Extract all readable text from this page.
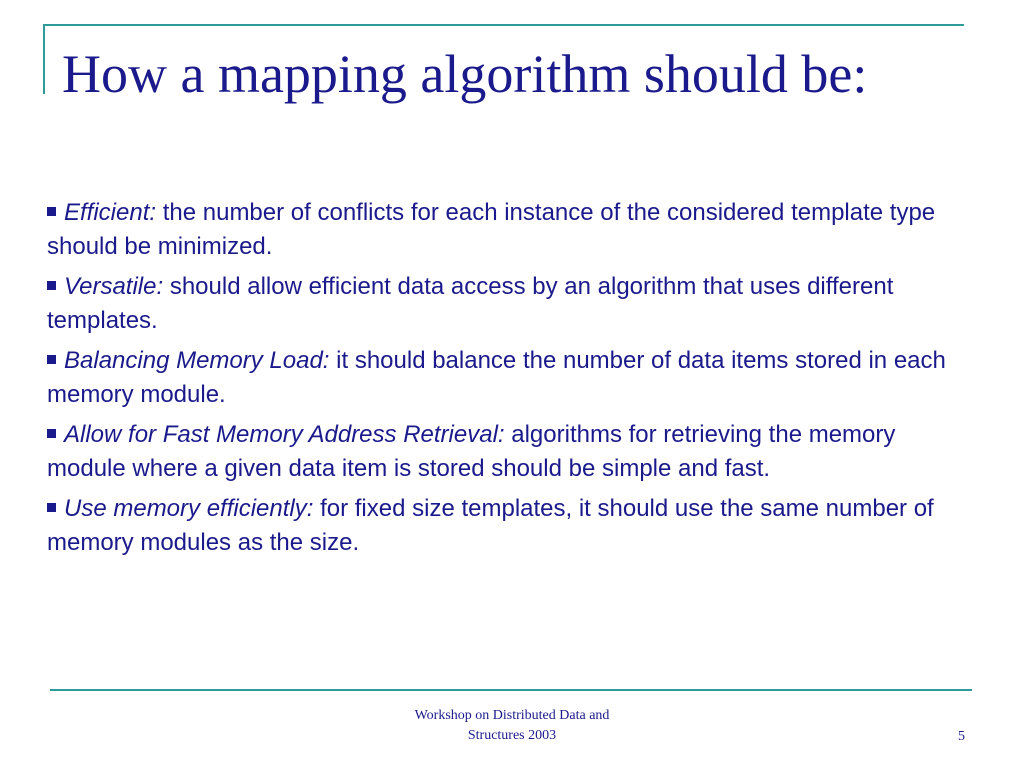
How a mapping algorithm should be:
Efficient: the number of conflicts for each instance of the considered template type should be minimized.
Versatile: should allow efficient data access by an algorithm that uses different templates.
Balancing Memory Load: it should balance the number of data items stored in each memory module.
Allow for Fast Memory Address Retrieval: algorithms for retrieving the memory module where a given data item is stored should be simple and fast.
Use memory efficiently: for fixed size templates, it should use the same number of memory modules as the size.
Workshop on Distributed Data and
Structures 2003	5
